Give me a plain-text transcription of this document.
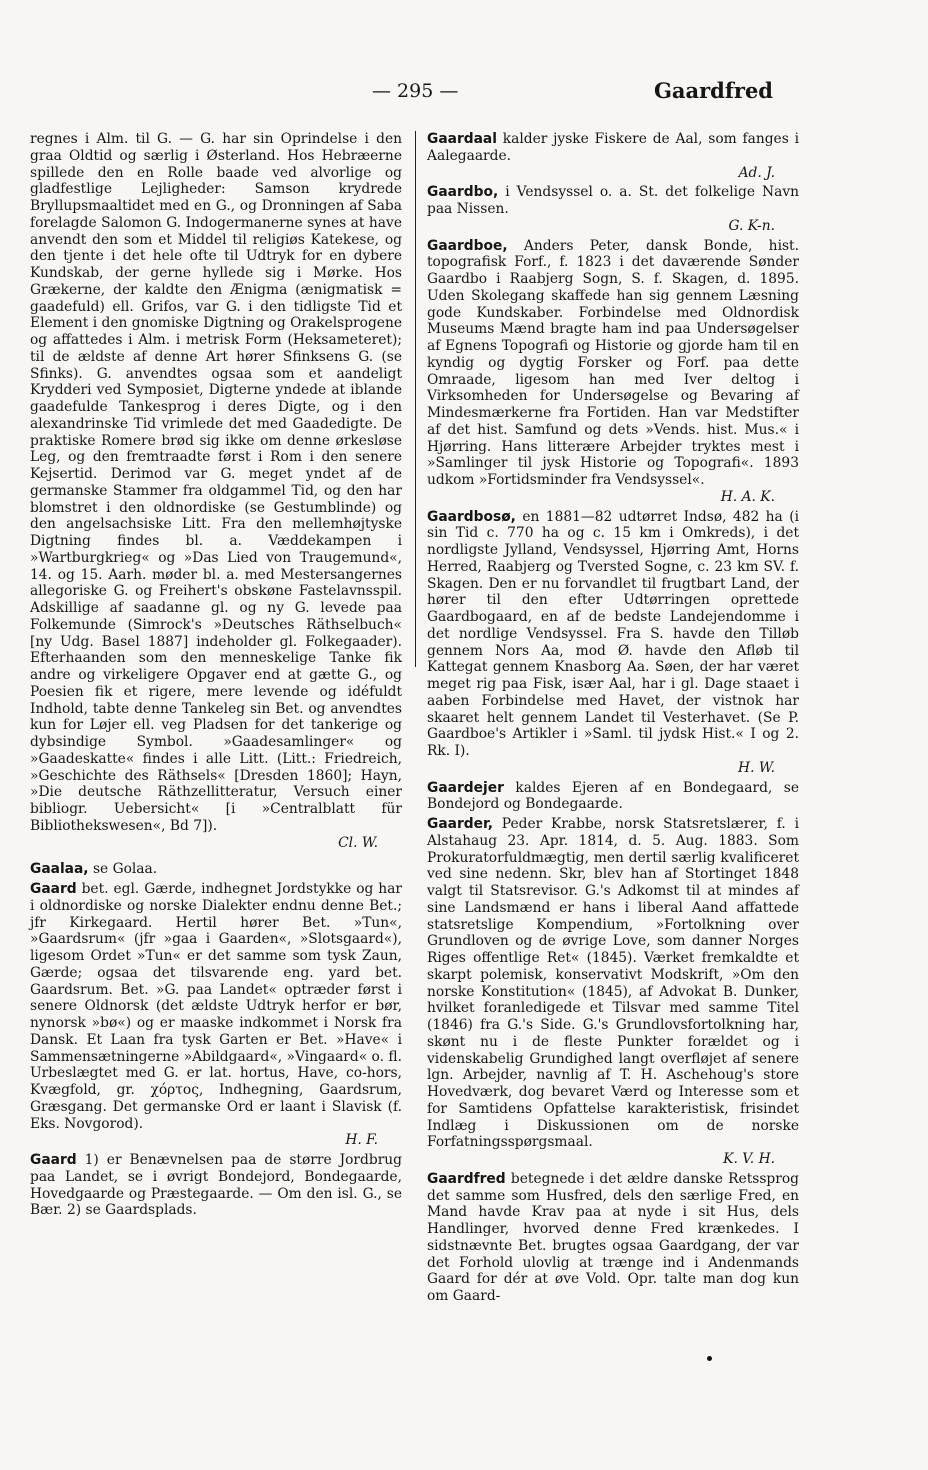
— 295 —	Gaardfred

regnes i Alm. til G. — G. har sin Oprindelse i den graa Oldtid og særlig i Østerland. Hos Hebræerne spillede den en Rolle baade ved alvorlige og gladfestlige Lejligheder: Samson krydrede Bryllupsmaaltidet med en G., og Dronningen af Saba forelagde Salomon G. Indogermanerne synes at have anvendt den som et Middel til religiøs Katekese, og den tjente i det hele ofte til Udtryk for en dybere Kundskab, der gerne hyllede sig i Mørke. Hos Grækerne, der kaldte den Ænigma (ænigmatisk = gaadefuld) ell. Grifos, var G. i den tidligste Tid et Element i den gnomiske Digtning og Orakelsprogene og affattedes i Alm. i metrisk Form (Heksameteret); til de ældste af denne Art hører Sfinksens G. (se Sfinks). G. anvendtes ogsaa som et aandeligt Krydderi ved Symposiet, Digterne yndede at iblande gaadefulde Tankesprog i deres Digte, og i den alexandrinske Tid vrimlede det med Gaadedigte. De praktiske Romere brød sig ikke om denne ørkesløse Leg, og den fremtraadte først i Rom i den senere Kejsertid. Derimod var G. meget yndet af de germanske Stammer fra oldgammel Tid, og den har blomstret i den oldnordiske (se Gestumblinde) og den angelsachsiske Litt. Fra den mellemhøjtyske Digtning findes bl. a. Væddekampen i »Wartburgkrieg« og »Das Lied von Traugemund«, 14. og 15. Aarh. møder bl. a. med Mestersangernes allegoriske G. og Freihert's obskøne Fastelavnsspil. Adskillige af saadanne gl. og ny G. levede paa Folkemunde (Simrock's »Deutsches Räthselbuch« [ny Udg. Basel 1887] indeholder gl. Folkegaader). Efterhaanden som den menneskelige Tanke fik andre og virkeligere Opgaver end at gætte G., og Poesien fik et rigere, mere levende og idéfuldt Indhold, tabte denne Tankeleg sin Bet. og anvendtes kun for Løjer ell. veg Pladsen for det tankerige og dybsindige Symbol. »Gaadesamlinger« og »Gaadeskatte« findes i alle Litt. (Litt.: Friedreich, »Geschichte des Räthsels« [Dresden 1860]; Hayn, »Die deutsche Räthzellitteratur, Versuch einer bibliogr. Uebersicht« [i »Centralblatt für Bibliothekswesen«, Bd 7]).
Cl. W.

Gaalaa, se Golaa.

Gaard bet. egl. Gærde, indhegnet Jordstykke og har i oldnordiske og norske Dialekter endnu denne Bet.; jfr Kirkegaard. Hertil hører Bet. »Tun«, »Gaardsrum« (jfr »gaa i Gaarden«, »Slotsgaard«), ligesom Ordet »Tun« er det samme som tysk Zaun, Gærde; ogsaa det tilsvarende eng. yard bet. Gaardsrum. Bet. »G. paa Landet« optræder først i senere Oldnorsk (det ældste Udtryk herfor er bør, nynorsk »bø«) og er maaske indkommet i Norsk fra Dansk. Et Laan fra tysk Garten er Bet. »Have« i Sammensætningerne »Abildgaard«, »Vingaard« o. fl. Urbeslægtet med G. er lat. hortus, Have, co-hors, Kvægfold, gr. χόρτος, Indhegning, Gaardsrum, Græsgang. Det germanske Ord er laant i Slavisk (f. Eks. Novgorod).
H. F.

Gaard 1) er Benævnelsen paa de større Jordbrug paa Landet, se i øvrigt Bondejord, Bondegaarde, Hovedgaarde og Præstegaarde. — Om den isl. G., se Bær. 2) se Gaardsplads.

Gaardaal kalder jyske Fiskere de Aal, som fanges i Aalegaarde.
Ad. J.

Gaardbo, i Vendsyssel o. a. St. det folkelige Navn paa Nissen.
G. K-n.

Gaardboe, Anders Peter, dansk Bonde, hist. topografisk Forf., f. 1823 i det daværende Sønder Gaardbo i Raabjerg Sogn, S. f. Skagen, d. 1895. Uden Skolegang skaffede han sig gennem Læsning gode Kundskaber. Forbindelse med Oldnordisk Museums Mænd bragte ham ind paa Undersøgelser af Egnens Topografi og Historie og gjorde ham til en kyndig og dygtig Forsker og Forf. paa dette Omraade, ligesom han med Iver deltog i Virksomheden for Undersøgelse og Bevaring af Mindesmærkerne fra Fortiden. Han var Medstifter af det hist. Samfund og dets »Vends. hist. Mus.« i Hjørring. Hans litterære Arbejder tryktes mest i »Samlinger til jysk Historie og Topografi«. 1893 udkom »Fortidsminder fra Vendsyssel«.
H. A. K.

Gaardbosø, en 1881—82 udtørret Indsø, 482 ha (i sin Tid c. 770 ha og c. 15 km i Omkreds), i det nordligste Jylland, Vendsyssel, Hjørring Amt, Horns Herred, Raabjerg og Tversted Sogne, c. 23 km SV. f. Skagen. Den er nu forvandlet til frugtbart Land, der hører til den efter Udtørringen oprettede Gaardbogaard, en af de bedste Landejendomme i det nordlige Vendsyssel. Fra S. havde den Tilløb gennem Nors Aa, mod Ø. havde den Afløb til Kattegat gennem Knasborg Aa. Søen, der har været meget rig paa Fisk, især Aal, har i gl. Dage staaet i aaben Forbindelse med Havet, der vistnok har skaaret helt gennem Landet til Vesterhavet. (Se P. Gaardboe's Artikler i »Saml. til jydsk Hist.« I og 2. Rk. I).
H. W.

Gaardejer kaldes Ejeren af en Bondegaard, se Bondejord og Bondegaarde.

Gaarder, Peder Krabbe, norsk Statsretslærer, f. i Alstahaug 23. Apr. 1814, d. 5. Aug. 1883. Som Prokuratorfuldmægtig, men dertil særlig kvalificeret ved sine nedenn. Skr, blev han af Stortinget 1848 valgt til Statsrevisor. G.'s Adkomst til at mindes af sine Landsmænd er hans i liberal Aand affattede statsretslige Kompendium, »Fortolkning over Grundloven og de øvrige Love, som danner Norges Riges offentlige Ret« (1845). Værket fremkaldte et skarpt polemisk, konservativt Modskrift, »Om den norske Konstitution« (1845), af Advokat B. Dunker, hvilket foranledigede et Tilsvar med samme Titel (1846) fra G.'s Side. G.'s Grundlovsfortolkning har, skønt nu i de fleste Punkter forældet og i videnskabelig Grundighed langt overfløjet af senere lgn. Arbejder, navnlig af T. H. Aschehoug's store Hovedværk, dog bevaret Værd og Interesse som et for Samtidens Opfattelse karakteristisk, frisindet Indlæg i Diskussionen om de norske Forfatningsspørgsmaal.
K. V. H.

Gaardfred betegnede i det ældre danske Retssprog det samme som Husfred, dels den særlige Fred, en Mand havde Krav paa at nyde i sit Hus, dels Handlinger, hvorved denne Fred krænkedes. I sidstnævnte Bet. brugtes ogsaa Gaardgang, der var det Forhold ulovlig at trænge ind i Andenmands Gaard for dér at øve Vold. Opr. talte man dog kun om Gaard-
